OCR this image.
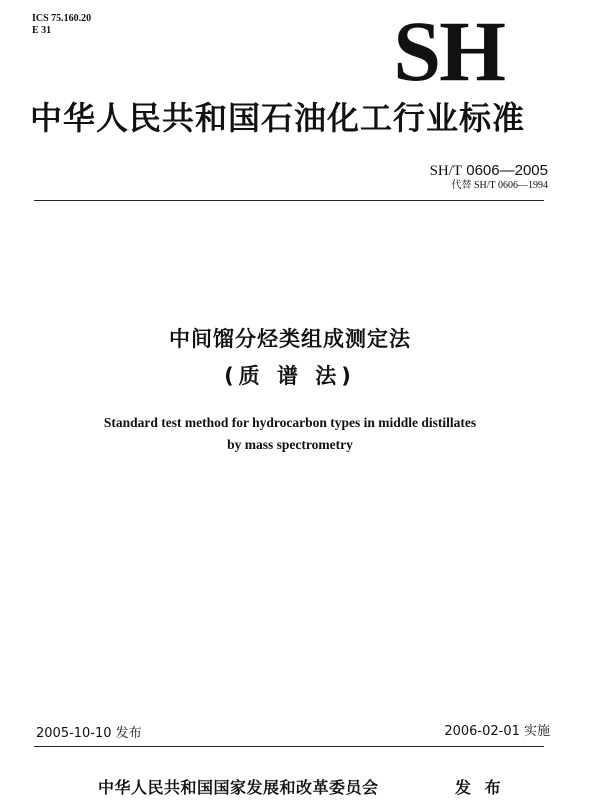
ICS 75.160.20
E 31	SH
中华人民共和国石油化工行业标准
SH/T 0606—2005
代替 SH/T 0606—1994
中间馏分烃类组成测定法
(质 谱 法)
Standard test method for hydrocarbon types in middle distillates
by mass spectrometry
2005-10-10 发布	2006-02-01 实施
中华人民共和国国家发展和改革委员会	发 布
